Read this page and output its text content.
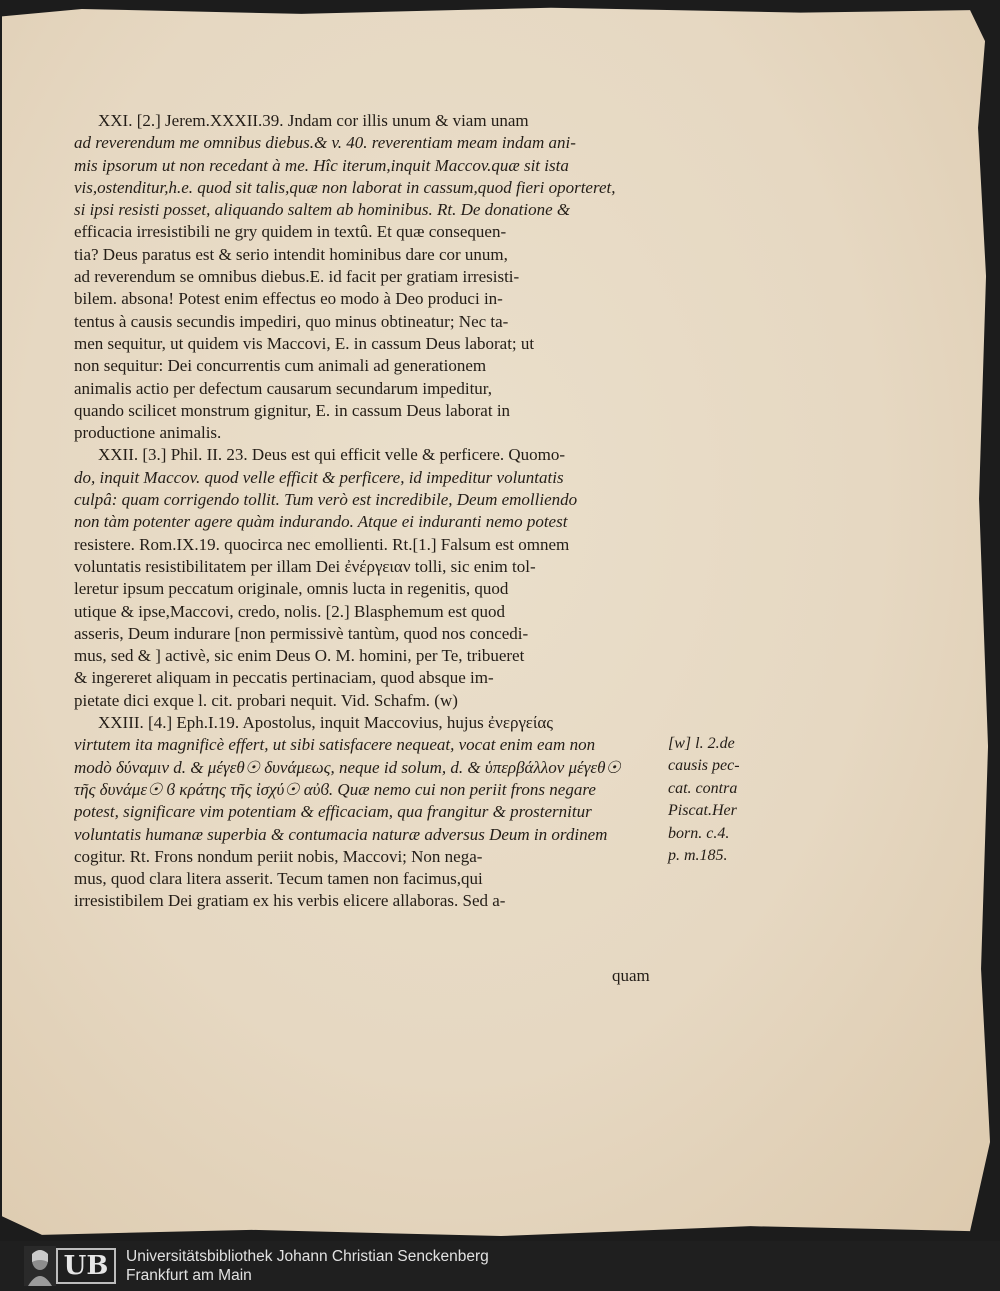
XXI. [2.] Jerem.XXXII.39. Jndam cor illis unum & viam unam
ad reverendum me omnibus diebus.& v. 40. reverentiam meam indam ani-
mis ipsorum ut non recedant à me. Hîc iterum,inquit Maccov.quæ sit ista
vis,ostenditur,h.e. quod sit talis,quæ non laborat in cassum,quod fieri oporteret,
si ipsi resisti posset, aliquando saltem ab hominibus. Rt. De donatione &
efficacia irresistibili ne gry quidem in textû. Et quæ consequen-
tia? Deus paratus est & serio intendit hominibus dare cor unum,
ad reverendum se omnibus diebus.E. id facit per gratiam irresisti-
bilem. absona! Potest enim effectus eo modo à Deo produci in-
tentus à causis secundis impediri, quo minus obtineatur; Nec ta-
men sequitur, ut quidem vis Maccovi, E. in cassum Deus laborat; ut
non sequitur: Dei concurrentis cum animali ad generationem
animalis actio per defectum causarum secundarum impeditur,
quando scilicet monstrum gignitur, E. in cassum Deus laborat in
productione animalis.
XXII. [3.] Phil. II. 23. Deus est qui efficit velle & perficere. Quomo-
do, inquit Maccov. quod velle efficit & perficere, id impeditur voluntatis
culpâ: quam corrigendo tollit. Tum verò est incredibile, Deum emolliendo
non tàm potenter agere quàm indurando. Atque ei induranti nemo potest
resistere. Rom.IX.19. quocirca nec emollienti. Rt.[1.] Falsum est omnem
voluntatis resistibilitatem per illam Dei ἐνέργειαν tolli, sic enim tol-
leretur ipsum peccatum originale, omnis lucta in regenitis, quod
utique & ipse,Maccovi, credo, nolis. [2.] Blasphemum est quod
asseris, Deum indurare [non permissivè tantùm, quod nos concedi-
mus, sed & ] activè, sic enim Deus O. M. homini, per Te, tribueret
& ingereret aliquam in peccatis pertinaciam, quod absque im-
pietate dici exque l. cit. probari nequit. Vid. Schafm. (w)
XXIII. [4.] Eph.I.19. Apostolus, inquit Maccovius, hujus ἐνεργείας
virtutem ita magnificè effert, ut sibi satisfacere nequeat, vocat enim eam non
modò δύναμιν d. & μέγεθ☉ δυνάμεως, neque id solum, d. & ὑπερβάλλον μέγεθ☉
τῆς δυνάμε☉ ϐ κράτης τῆς ἰσχύ☉ αὐϐ. Quæ nemo cui non periit frons negare
potest, significare vim potentiam & efficaciam, qua frangitur & prosternitur
voluntatis humanæ superbia & contumacia naturæ adversus Deum in ordinem
cogitur. Rt. Frons nondum periit nobis, Maccovi; Non nega-
mus, quod clara litera asserit. Tecum tamen non facimus,qui
irresistibilem Dei gratiam ex his verbis elicere allaboras. Sed a-
quam
[w] l. 2.de
causis pec-
cat. contra
Piscat.Her
born. c.4.
p. m.185.
UB	Universitätsbibliothek Johann Christian Senckenberg
Frankfurt am Main
